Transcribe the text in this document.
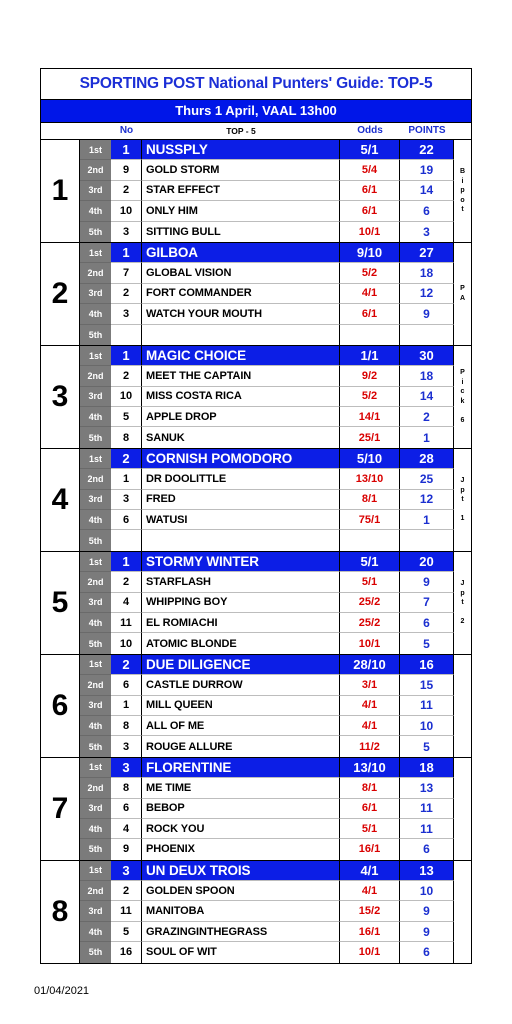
SPORTING POST National Punters' Guide: TOP-5
Thurs 1 April, VAAL 13h00
No	TOP - 5	Odds	POINTS
1
1st	1	NUSSPLY	5/1	22
2nd	9	GOLD STORM	5/4	19
3rd	2	STAR EFFECT	6/1	14
4th	10	ONLY HIM	6/1	6
5th	3	SITTING BULL	10/1	3
B
i
p
o
t
2
1st	1	GILBOA	9/10	27
2nd	7	GLOBAL VISION	5/2	18
3rd	2	FORT COMMANDER	4/1	12
4th	3	WATCH YOUR MOUTH	6/1	9
5th
P
A
3
1st	1	MAGIC CHOICE	1/1	30
2nd	2	MEET THE CAPTAIN	9/2	18
3rd	10	MISS COSTA RICA	5/2	14
4th	5	APPLE DROP	14/1	2
5th	8	SANUK	25/1	1
P
i
c
k
6
4
1st	2	CORNISH POMODORO	5/10	28
2nd	1	DR DOOLITTLE	13/10	25
3rd	3	FRED	8/1	12
4th	6	WATUSI	75/1	1
5th
J
p
t
1
5
1st	1	STORMY WINTER	5/1	20
2nd	2	STARFLASH	5/1	9
3rd	4	WHIPPING BOY	25/2	7
4th	11	EL ROMIACHI	25/2	6
5th	10	ATOMIC BLONDE	10/1	5
J
p
t
2
6
1st	2	DUE DILIGENCE	28/10	16
2nd	6	CASTLE DURROW	3/1	15
3rd	1	MILL QUEEN	4/1	11
4th	8	ALL OF ME	4/1	10
5th	3	ROUGE ALLURE	11/2	5
7
1st	3	FLORENTINE	13/10	18
2nd	8	ME TIME	8/1	13
3rd	6	BEBOP	6/1	11
4th	4	ROCK YOU	5/1	11
5th	9	PHOENIX	16/1	6
8
1st	3	UN DEUX TROIS	4/1	13
2nd	2	GOLDEN SPOON	4/1	10
3rd	11	MANITOBA	15/2	9
4th	5	GRAZINGINTHEGRASS	16/1	9
5th	16	SOUL OF WIT	10/1	6
01/04/2021
